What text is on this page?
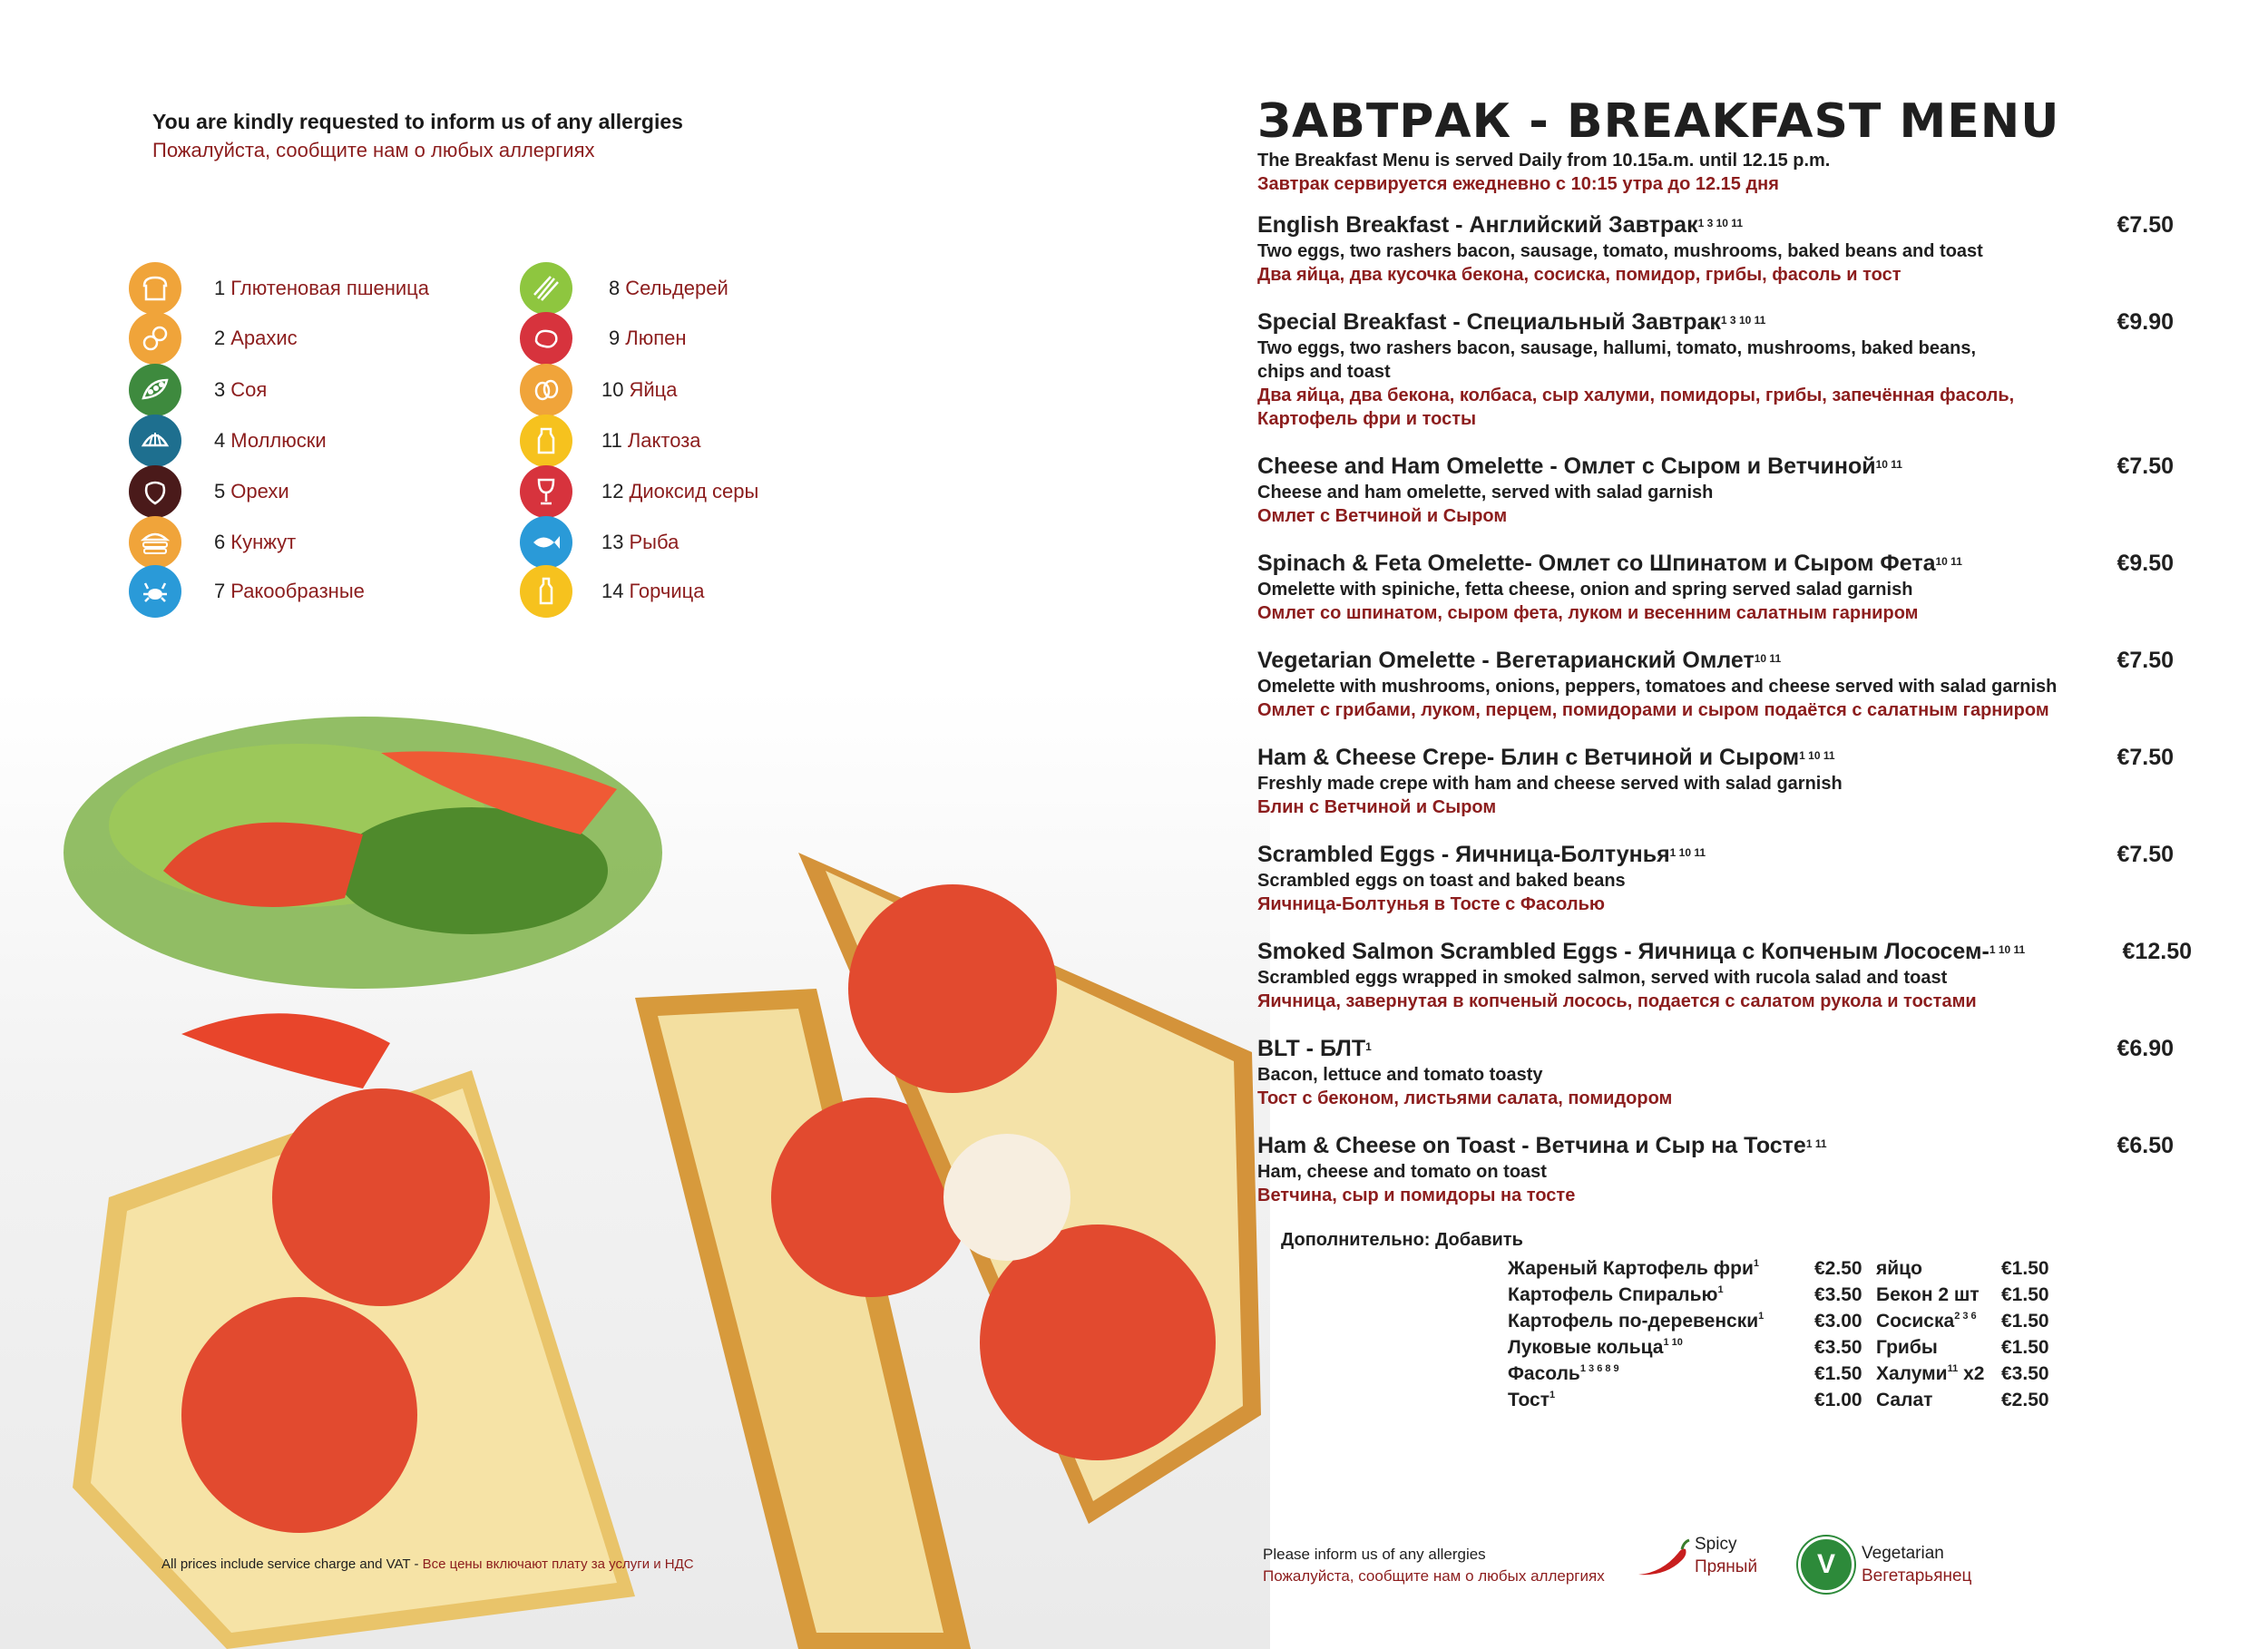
You are kindly requested to inform us of any allergies
Пожалуйста, сообщите нам о любых аллергиях
1 Глютеновая пшеница
2 Арахис
3 Соя
4 Моллюски
5 Орехи
6 Кунжут
7 Ракообразные
8 Сельдерей
9 Люпен
10 Яйца
11 Лактоза
12 Диоксид серы
13 Рыба
14 Горчица
All prices include service charge and VAT - Все цены включают плату за услуги и НДС
ЗАВТРАК - BREAKFAST MENU
The Breakfast Menu is served Daily from 10.15a.m. until 12.15 p.m.
Завтрак сервируется ежедневно с 10:15 утра до 12.15 дня
English Breakfast - Английский Завтрак$^{1 3 10 11}$
Two eggs, two rashers bacon, sausage, tomato, mushrooms, baked beans and toast
Два яйца, два кусочка бекона, сосиска, помидор, грибы, фасоль и тост
€7.50
Special Breakfast - Специальный Завтрак$^{1 3 10 11}$
Two eggs, two rashers bacon, sausage, hallumi, tomato, mushrooms, baked beans,
chips and toast
Два яйца, два бекона, колбаса, сыр халуми, помидоры, грибы, запечённая фасоль,
Картофель фри и тосты
€9.90
Cheese and Ham Omelette - Омлет с Сыром и Ветчиной$^{10 11}$
Cheese and ham omelette, served with salad garnish
Омлет с Ветчиной и Сыром
€7.50
Spinach & Feta Omelette- Омлет со Шпинатом и Сыром Фета$^{10 11}$
Omelette with spiniche, fetta cheese, onion and spring served salad garnish
Омлет со шпинатом, сыром фета, луком и весенним салатным гарниром
€9.50
Vegetarian Omelette - Вегетарианский Омлет$^{10 11}$
Omelette with mushrooms, onions, peppers, tomatoes and cheese served with salad garnish
Омлет с грибами, луком, перцем, помидорами и сыром подаётся с салатным гарниром
€7.50
Ham & Cheese Crepe- Блин с Ветчиной и Сыром$^{1 10 11}$
Freshly made crepe with ham and cheese served with salad garnish
Блин с Ветчиной и Сыром
€7.50
Scrambled Eggs - Яичница-Болтунья$^{1 10 11}$
Scrambled eggs on toast and baked beans
Яичница-Болтунья в Тосте с Фасолью
€7.50
Smoked Salmon Scrambled Eggs - Яичница с Копченым Лососем-$^{1 10 11}$
Scrambled eggs wrapped in smoked salmon, served with rucola salad and toast
Яичница, завернутая в копченый лосось, подается с салатом рукола и тостами
€12.50
BLT - БЛТ$^1$
Bacon, lettuce and tomato toasty
Тост с беконом, листьями салата, помидором
€6.90
Ham & Cheese on Toast - Ветчина и Сыр на Тосте$^{1 11}$
Ham, cheese and tomato on toast
Ветчина, сыр и помидоры на тосте
€6.50
Дополнительно: Добавить
Жареный Картофель фри$^1$	€2.50 яйцо	€1.50
Картофель Спиралью$^1$	€3.50 Бекон 2 шт	€1.50
Картофель по-деревенски$^1$	€3.00 Сосиска$^{2 3 6}$	€1.50
Луковые кольца$^{1 10}$	€3.50 Грибы	€1.50
Фасоль$^{1 3 6 8 9}$	€1.50 Халуми$^{11}$ x2 €3.50
Тост$^1$	€1.00 Салат	€2.50
Please inform us of any allergies
Пожалуйста, сообщите нам о любых аллергиях
Spicy
Пряный V Vegetarian
Вегетарьянец
